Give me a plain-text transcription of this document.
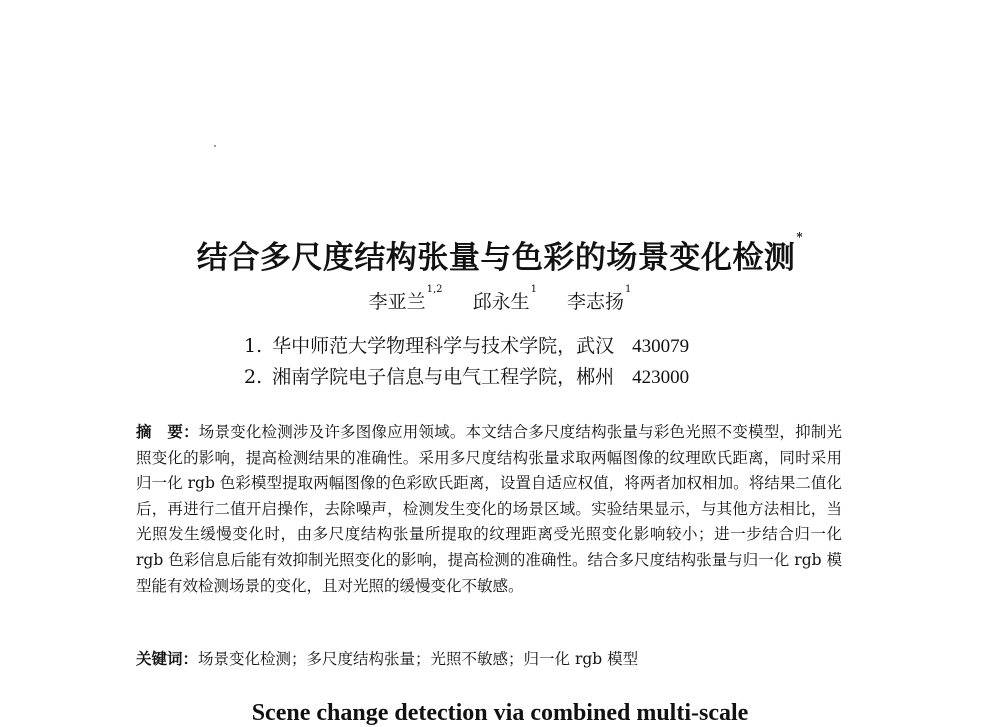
结合多尺度结构张量与色彩的场景变化检测*
李亚兰$^{1,2}$ 邱永生$^1$ 李志扬$^1$
1. 华中师范大学物理科学与技术学院，武汉 430079
2. 湘南学院电子信息与电气工程学院，郴州 423000
摘　要：场景变化检测涉及许多图像应用领域。本文结合多尺度结构张量与彩色光照不变模型，抑制光照变化的影响，提高检测结果的准确性。采用多尺度结构张量求取两幅图像的纹理欧氏距离，同时采用归一化 rgb 色彩模型提取两幅图像的色彩欧氏距离，设置自适应权值，将两者加权相加。将结果二值化后，再进行二值开启操作，去除噪声，检测发生变化的场景区域。实验结果显示，与其他方法相比，当光照发生缓慢变化时，由多尺度结构张量所提取的纹理距离受光照变化影响较小；进一步结合归一化 rgb 色彩信息后能有效抑制光照变化的影响，提高检测的准确性。结合多尺度结构张量与归一化 rgb 模型能有效检测场景的变化，且对光照的缓慢变化不敏感。
关键词：场景变化检测；多尺度结构张量；光照不敏感；归一化 rgb 模型
Scene change detection via combined multi-scale
